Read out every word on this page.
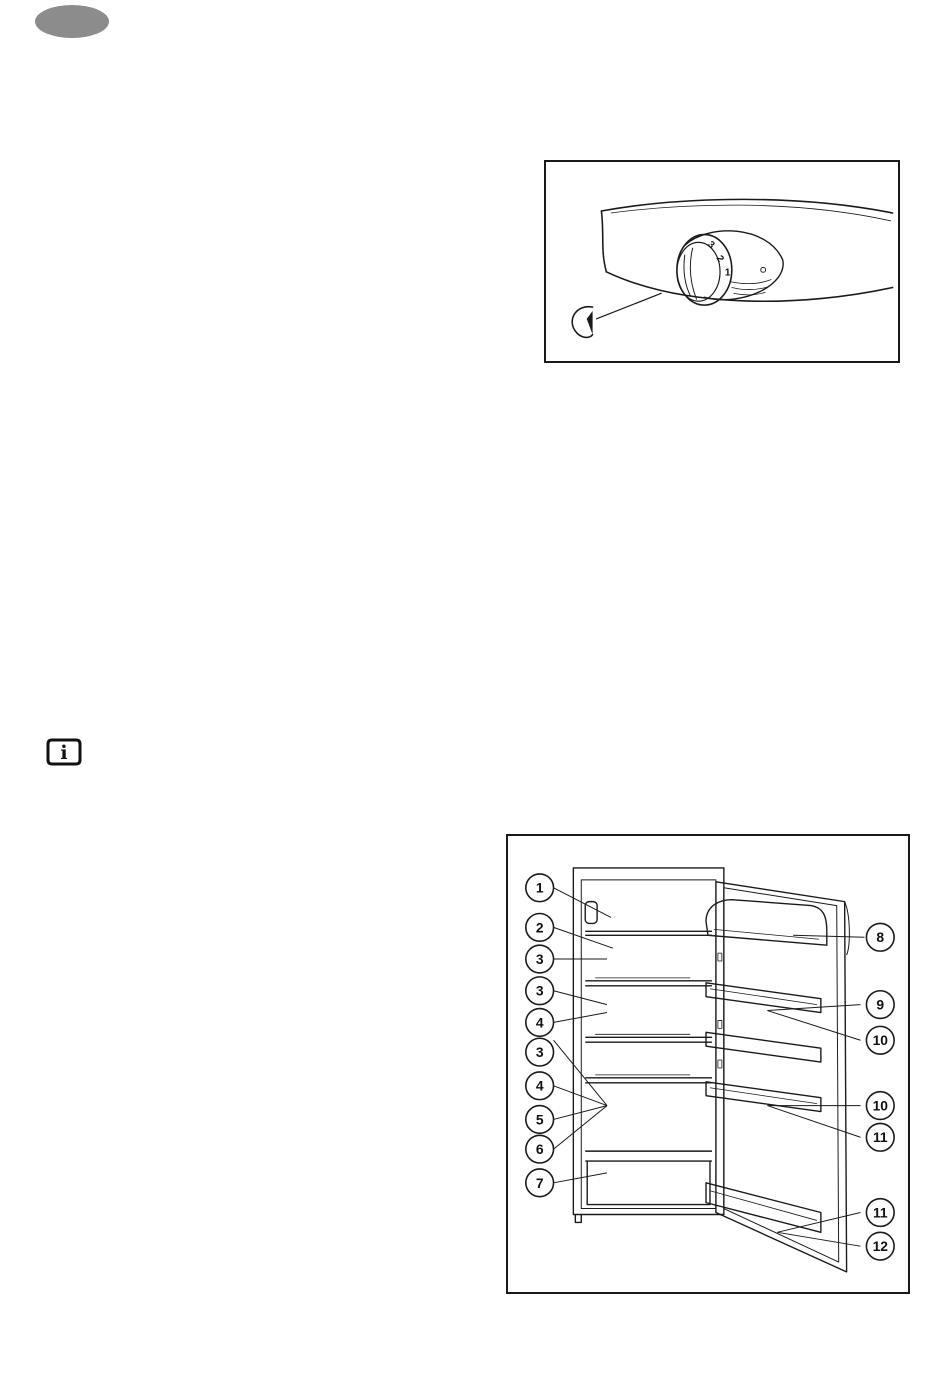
3
2
1
i
1
2
3
3
4
3
4
5
6
7
8
9
10
10
11
11
12
